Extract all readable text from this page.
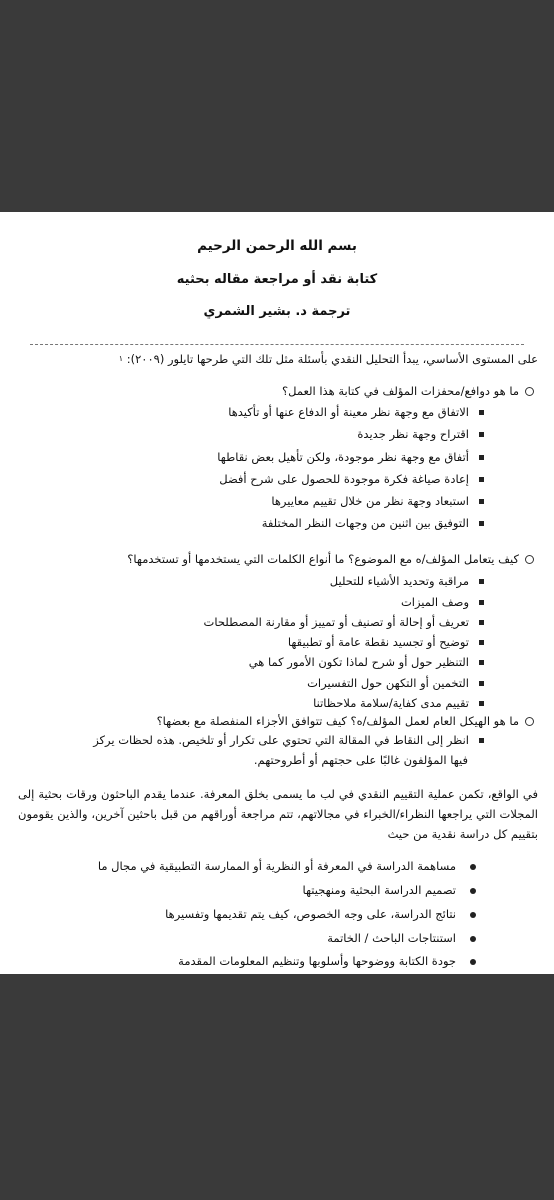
بسم الله الرحمن الرحيم
كتابة نقد أو مراجعة مقاله بحثيه
ترجمة د. بشير الشمري
على المستوى الأساسي، يبدأ التحليل النقدي بأسئلة مثل تلك التي طرحها تايلور (٢٠٠٩): $^١$
ما هو دوافع/محفزات المؤلف في كتابة هذا العمل؟
الاتفاق مع وجهة نظر معينة أو الدفاع عنها أو تأكيدها
اقتراح وجهة نظر جديدة
أتفاق مع وجهة نظر موجودة، ولكن تأهيل بعض نقاطها
إعادة صياغة فكرة موجودة للحصول على شرح أفضل
استبعاد وجهة نظر من خلال تقييم معاييرها
التوفيق بين اثنين من وجهات النظر المختلفة
كيف يتعامل المؤلف/ه مع الموضوع؟ ما أنواع الكلمات التي يستخدمها أو تستخدمها؟
مراقبة وتحديد الأشياء للتحليل
وصف الميزات
تعريف أو إحالة أو تصنيف أو تمييز أو مقارنة المصطلحات
توضيح أو تجسيد نقطة عامة أو تطبيقها
التنظير حول أو شرح لماذا تكون الأمور كما هي
التخمين أو التكهن حول التفسيرات
تقييم مدى كفاية/سلامة ملاحظاتنا
ما هو الهيكل العام لعمل المؤلف/ه؟ كيف تتوافق الأجزاء المنفصلة مع بعضها؟
انظر إلى النقاط في المقالة التي تحتوي على تكرار أو تلخيص. هذه لحظات يركز
فيها المؤلفون غالبًا على حجتهم أو أطروحتهم.
في الواقع، تكمن عملية التقييم النقدي في لب ما يسمى بخلق المعرفة. عندما يقدم الباحثون ورقات بحثية إلى المجلات التي يراجعها النظراء/الخبراء في مجالاتهم، تتم مراجعة أوراقهم من قبل باحثين آخرين، والذين يقومون بتقييم كل دراسة نقدية من حيث
مساهمة الدراسة في المعرفة أو النظرية أو الممارسة التطبيقية في مجال ما
تصميم الدراسة البحثية ومنهجيتها
نتائج الدراسة، على وجه الخصوص، كيف يتم تقديمها وتفسيرها
استنتاجات الباحث / الخاتمة
جودة الكتابة ووضوحها وأسلوبها وتنظيم المعلومات المقدمة
